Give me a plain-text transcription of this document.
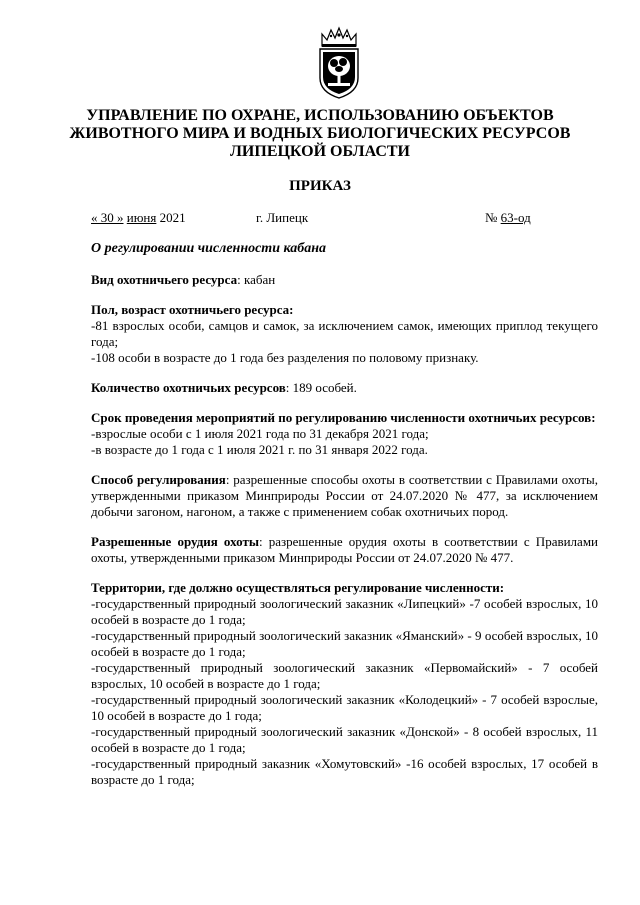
УПРАВЛЕНИЕ ПО ОХРАНЕ, ИСПОЛЬЗОВАНИЮ ОБЪЕКТОВ
ЖИВОТНОГО МИРА И ВОДНЫХ БИОЛОГИЧЕСКИХ РЕСУРСОВ
ЛИПЕЦКОЙ ОБЛАСТИ
ПРИКАЗ
« 30 » июня 2021	г. Липецк	№ 63-од
О регулировании численности кабана

Вид охотничьего ресурса: кабан

Пол, возраст охотничьего ресурса:

-81 взрослых особи, самцов и самок, за исключением самок, имеющих приплод текущего года;

-108 особи в возрасте до 1 года без разделения по половому признаку.

Количество охотничьих ресурсов: 189 особей.

Срок проведения мероприятий по регулированию численности охотничьих ресурсов:

-взрослые особи с 1 июля 2021 года по 31 декабря 2021 года;

-в возрасте до 1 года с 1 июля 2021 г. по 31 января 2022 года.

Способ регулирования: разрешенные способы охоты в соответствии с Правилами охоты, утвержденными приказом Минприроды России от 24.07.2020 № 477, за исключением добычи загоном, нагоном, а также с применением собак охотничьих пород.

Разрешенные орудия охоты: разрешенные орудия охоты в соответствии с Правилами охоты, утвержденными приказом Минприроды России от 24.07.2020 № 477.

Территории, где должно осуществляться регулирование численности:

-государственный природный зоологический заказник «Липецкий» -7 особей взрослых, 10 особей в возрасте до 1 года;

-государственный природный зоологический заказник «Яманский» - 9 особей взрослых, 10 особей в возрасте до 1 года;

-государственный природный зоологический заказник «Первомайский» - 7 особей взрослых, 10 особей в возрасте до 1 года;

-государственный природный зоологический заказник «Колодецкий» - 7 особей взрослые, 10 особей в возрасте до 1 года;

-государственный природный зоологический заказник «Донской» - 8 особей взрослых, 11 особей в возрасте до 1 года;

-государственный природный заказник «Хомутовский» -16 особей взрослых, 17 особей в возрасте до 1 года;
